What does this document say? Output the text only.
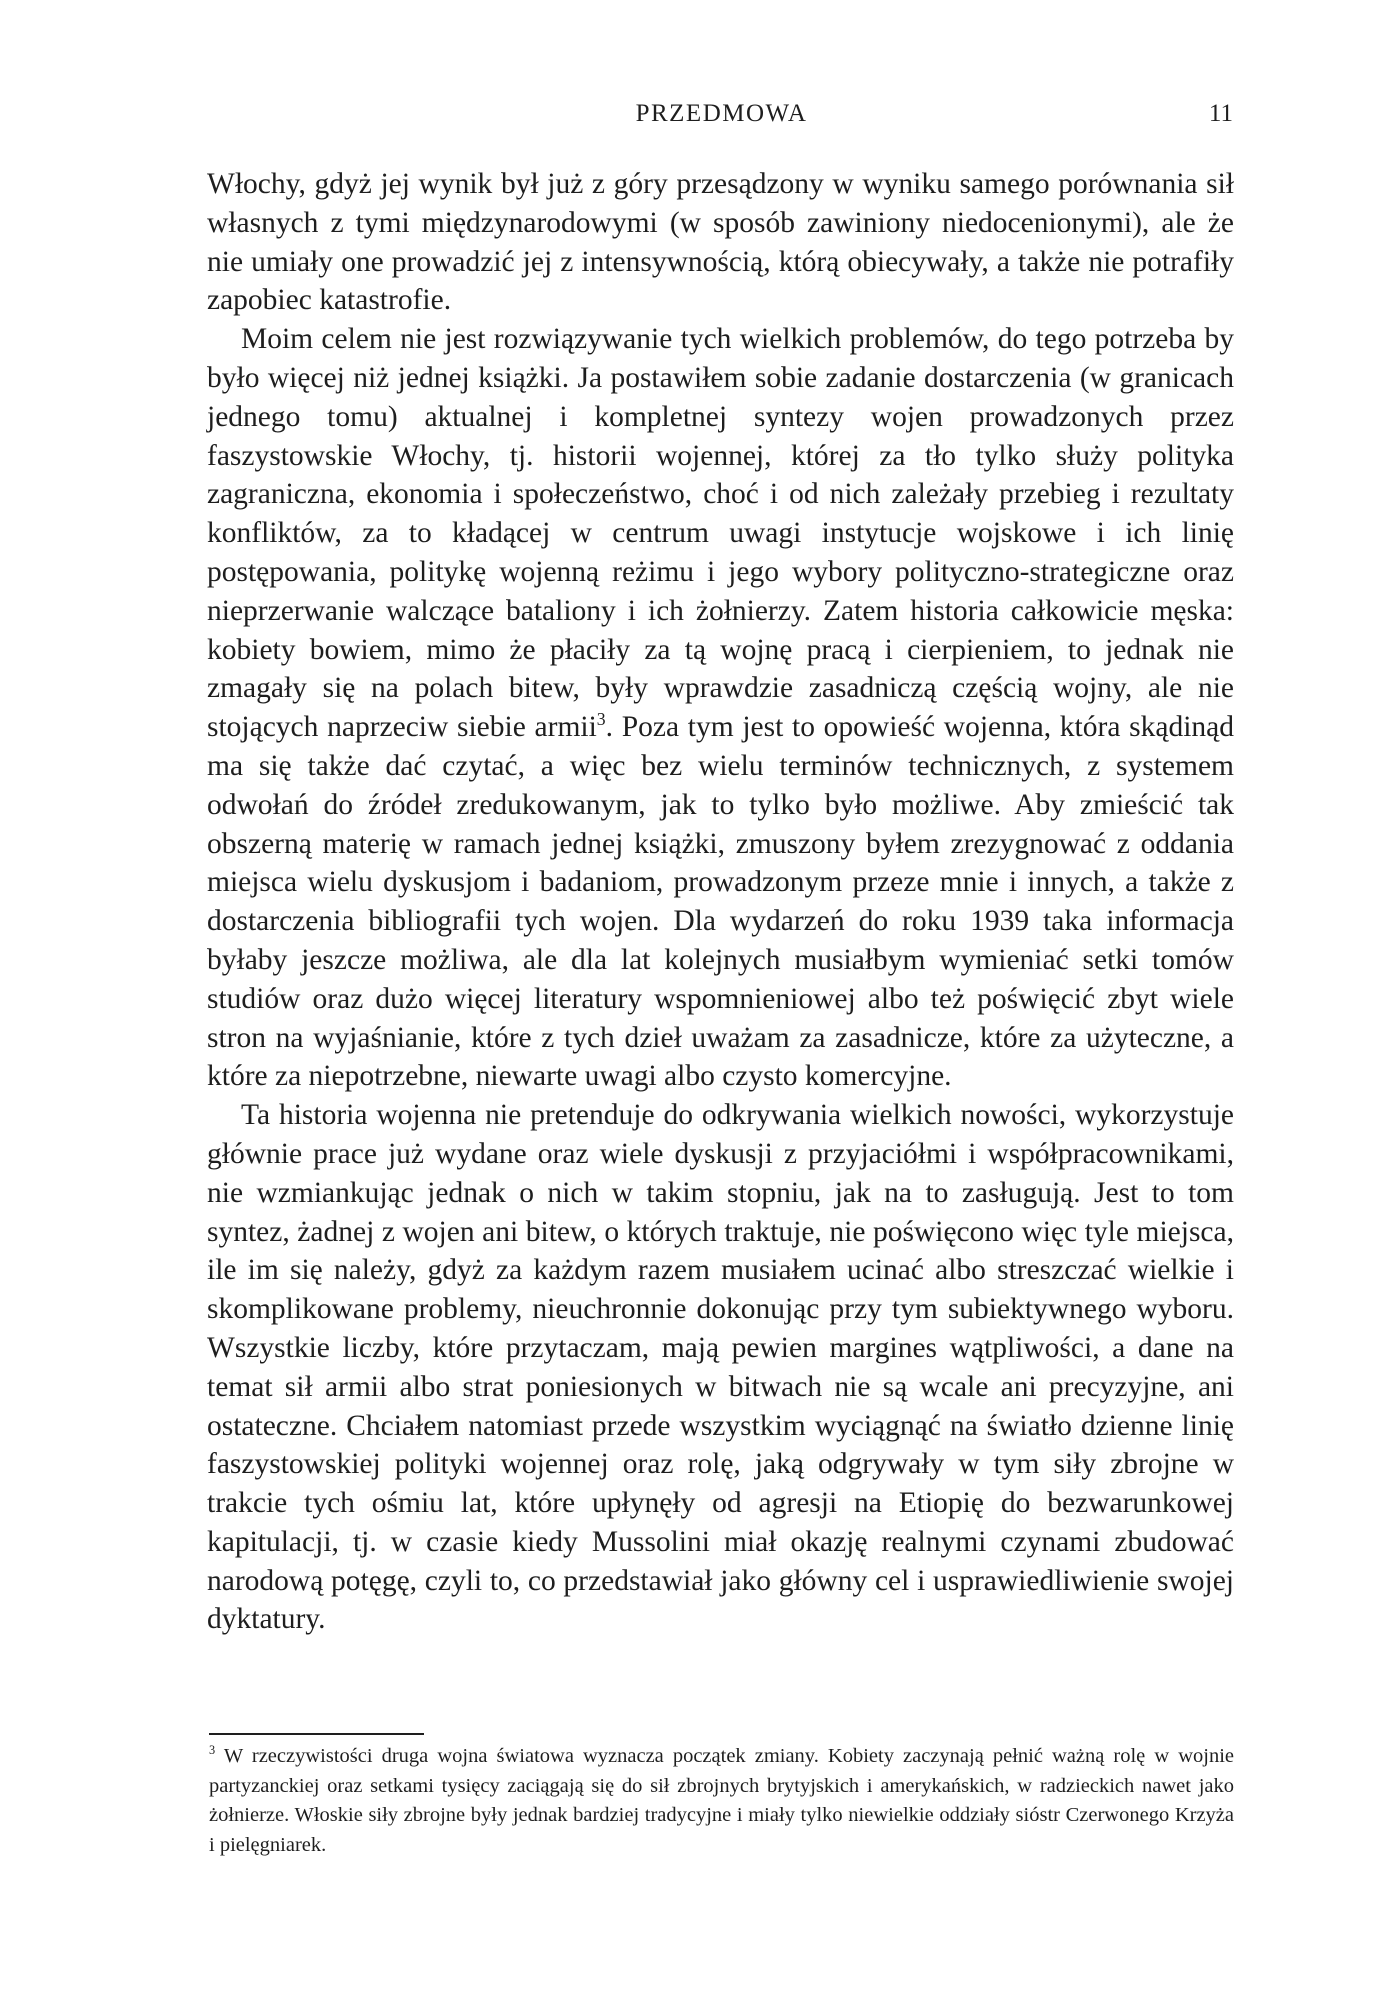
PRZEDMOWA	11

Włochy, gdyż jej wynik był już z góry przesądzony w wyniku samego porównania sił własnych z tymi międzynarodowymi (w sposób zawiniony niedocenionymi), ale że nie umiały one prowadzić jej z intensywnością, którą obiecywały, a także nie potrafiły zapobiec katastrofie.

Moim celem nie jest rozwiązywanie tych wielkich problemów, do tego potrzeba by było więcej niż jednej książki. Ja postawiłem sobie zadanie dostarczenia (w granicach jednego tomu) aktualnej i kompletnej syntezy wojen prowadzonych przez faszystowskie Włochy, tj. historii wojennej, której za tło tylko służy polityka zagraniczna, ekonomia i społeczeństwo, choć i od nich zależały przebieg i rezultaty konfliktów, za to kładącej w centrum uwagi instytucje wojskowe i ich linię postępowania, politykę wojenną reżimu i jego wybory polityczno-strategiczne oraz nieprzerwanie walczące bataliony i ich żołnierzy. Zatem historia całkowicie męska: kobiety bowiem, mimo że płaciły za tą wojnę pracą i cierpieniem, to jednak nie zmagały się na polach bitew, były wprawdzie zasadniczą częścią wojny, ale nie stojących naprzeciw siebie armii$^3$. Poza tym jest to opowieść wojenna, która skądinąd ma się także dać czytać, a więc bez wielu terminów technicznych, z systemem odwołań do źródeł zredukowanym, jak to tylko było możliwe. Aby zmieścić tak obszerną materię w ramach jednej książki, zmuszony byłem zrezygnować z oddania miejsca wielu dyskusjom i badaniom, prowadzonym przeze mnie i innych, a także z dostarczenia bibliografii tych wojen. Dla wydarzeń do roku 1939 taka informacja byłaby jeszcze możliwa, ale dla lat kolejnych musiałbym wymieniać setki tomów studiów oraz dużo więcej literatury wspomnieniowej albo też poświęcić zbyt wiele stron na wyjaśnianie, które z tych dzieł uważam za zasadnicze, które za użyteczne, a które za niepotrzebne, niewarte uwagi albo czysto komercyjne.

Ta historia wojenna nie pretenduje do odkrywania wielkich nowości, wykorzystuje głównie prace już wydane oraz wiele dyskusji z przyjaciółmi i współpracownikami, nie wzmiankując jednak o nich w takim stopniu, jak na to zasługują. Jest to tom syntez, żadnej z wojen ani bitew, o których traktuje, nie poświęcono więc tyle miejsca, ile im się należy, gdyż za każdym razem musiałem ucinać albo streszczać wielkie i skomplikowane problemy, nieuchronnie dokonując przy tym subiektywnego wyboru. Wszystkie liczby, które przytaczam, mają pewien margines wątpliwości, a dane na temat sił armii albo strat poniesionych w bitwach nie są wcale ani precyzyjne, ani ostateczne. Chciałem natomiast przede wszystkim wyciągnąć na światło dzienne linię faszystowskiej polityki wojennej oraz rolę, jaką odgrywały w tym siły zbrojne w trakcie tych ośmiu lat, które upłynęły od agresji na Etiopię do bezwarunkowej kapitulacji, tj. w czasie kiedy Mussolini miał okazję realnymi czynami zbudować narodową potęgę, czyli to, co przedstawiał jako główny cel i usprawiedliwienie swojej dyktatury.

$^3$ W rzeczywistości druga wojna światowa wyznacza początek zmiany. Kobiety zaczynają pełnić ważną rolę w wojnie partyzanckiej oraz setkami tysięcy zaciągają się do sił zbrojnych brytyjskich i amerykańskich, w radzieckich nawet jako żołnierze. Włoskie siły zbrojne były jednak bardziej tradycyjne i miały tylko niewielkie oddziały sióstr Czerwonego Krzyża i pielęgniarek.
